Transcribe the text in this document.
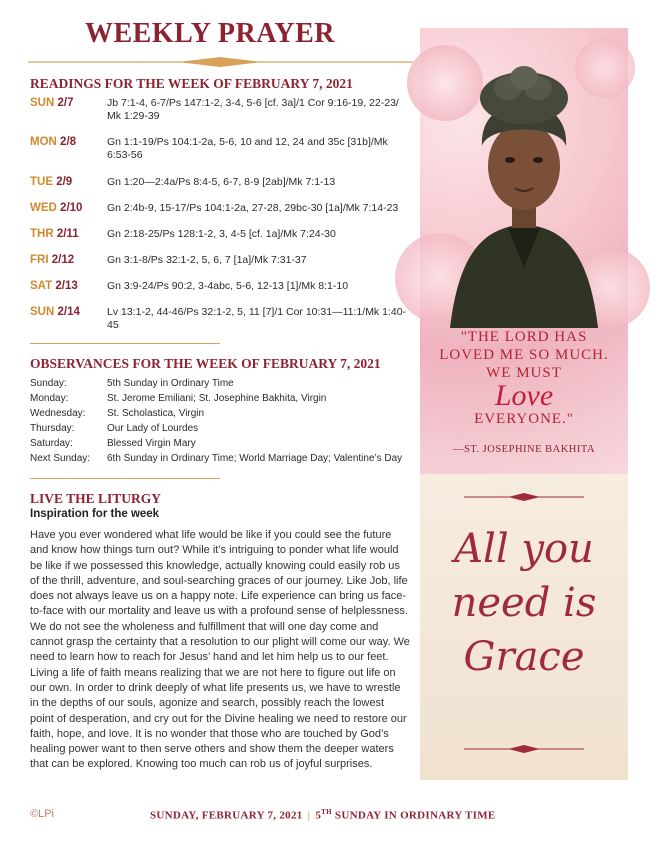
WEEKLY PRAYER
READINGS FOR THE WEEK OF FEBRUARY 7, 2021
SUN 2/7	Jb 7:1-4, 6-7/Ps 147:1-2, 3-4, 5-6 [cf. 3a]/1 Cor 9:16-19, 22-23/ Mk 1:29-39
MON 2/8	Gn 1:1-19/Ps 104:1-2a, 5-6, 10 and 12, 24 and 35c [31b]/Mk 6:53-56
TUE 2/9	Gn 1:20—2:4a/Ps 8:4-5, 6-7, 8-9 [2ab]/Mk 7:1-13
WED 2/10	Gn 2:4b-9, 15-17/Ps 104:1-2a, 27-28, 29bc-30 [1a]/Mk 7:14-23
THR 2/11	Gn 2:18-25/Ps 128:1-2, 3, 4-5 [cf. 1a]/Mk 7:24-30
FRI 2/12	Gn 3:1-8/Ps 32:1-2, 5, 6, 7 [1a]/Mk 7:31-37
SAT 2/13	Gn 3:9-24/Ps 90:2, 3-4abc, 5-6, 12-13 [1]/Mk 8:1-10
SUN 2/14	Lv 13:1-2, 44-46/Ps 32:1-2, 5, 11 [7]/1 Cor 10:31—11:1/Mk 1:40-45
OBSERVANCES FOR THE WEEK OF FEBRUARY 7, 2021
Sunday:	5th Sunday in Ordinary Time
Monday:	St. Jerome Emiliani; St. Josephine Bakhita, Virgin
Wednesday: St. Scholastica, Virgin
Thursday:	Our Lady of Lourdes
Saturday:	Blessed Virgin Mary
Next Sunday: 6th Sunday in Ordinary Time; World Marriage Day; Valentine’s Day
LIVE THE LITURGY
Inspiration for the week
Have you ever wondered what life would be like if you could see the future and know how things turn out? While it’s intriguing to ponder what life would be like if we possessed this knowledge, actually knowing could easily rob us of the thrill, adventure, and soul-searching graces of our journey. Like Job, life does not always leave us on a happy note. Life experience can bring us face-to-face with our mortality and leave us with a profound sense of helplessness. We do not see the wholeness and fulfillment that will one day come and cannot grasp the certainty that a resolution to our plight will come our way. We need to learn how to reach for Jesus’ hand and let him help us to our feet. Living a life of faith means realizing that we are not here to figure out life on our own. In order to drink deeply of what life presents us, we have to wrestle in the depths of our souls, agonize and search, possibly reach the lowest point of desperation, and cry out for the Divine healing we need to restore our faith, hope, and love. It is no wonder that those who are touched by God’s healing power want to then serve others and show them the deeper waters that can be explored. Knowing too much can rob us of joyful surprises.
"THE LORD HAS
LOVED ME SO MUCH.
WE MUST
Love
EVERYONE."
—ST. JOSEPHINE BAKHITA
All you
need is
Grace
©LPi	SUNDAY, FEBRUARY 7, 2021 | 5TH SUNDAY IN ORDINARY TIME
